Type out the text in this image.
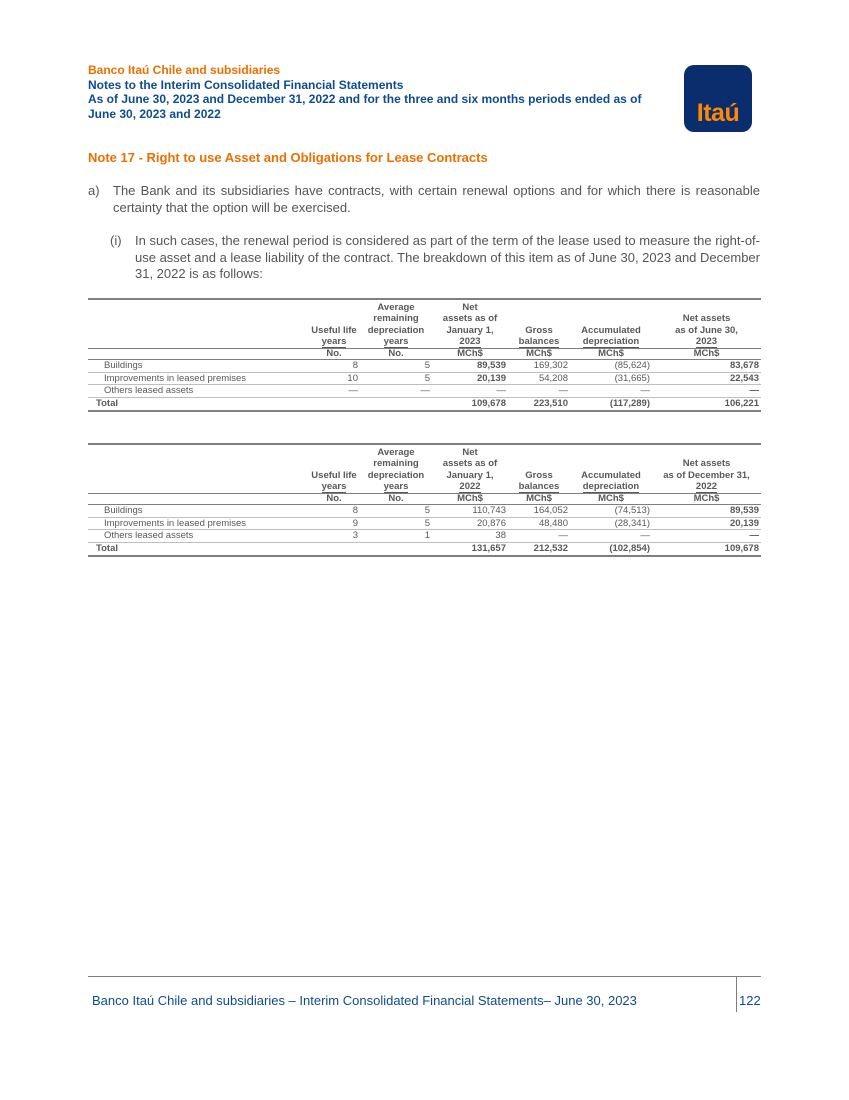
Banco Itaú Chile and subsidiaries
Notes to the Interim Consolidated Financial Statements
As of June 30, 2023 and December 31, 2022 and for the three and six months periods ended as of
June 30, 2023 and 2022	Itaú
Note 17 - Right to use Asset and Obligations for Lease Contracts
a) The Bank and its subsidiaries have contracts, with certain renewal options and for which there is reasonable certainty that the option will be exercised.
(i) In such cases, the renewal period is considered as part of the term of the lease used to measure the right-of-use asset and a lease liability of the contract. The breakdown of this item as of June 30, 2023 and December 31, 2022 is as follows:
	Useful life
years	Average
remaining
depreciation
years	Net
assets as of
January 1,
2023	Gross
balances	Accumulated
depreciation	Net assets
as of June 30,
2023
	No.	No.	MCh$	MCh$	MCh$	MCh$
Buildings	8	5	89,539	169,302	(85,624)	83,678
Improvements in leased premises	10	5	20,139	54,208	(31,665)	22,543
Others leased assets	—	—	—	—	—	—
Total			109,678	223,510	(117,289)	106,221
	Useful life
years	Average
remaining
depreciation
years	Net
assets as of
January 1,
2022	Gross
balances	Accumulated
depreciation	Net assets
as of December 31,
2022
	No.	No.	MCh$	MCh$	MCh$	MCh$
Buildings	8	5	110,743	164,052	(74,513)	89,539
Improvements in leased premises	9	5	20,876	48,480	(28,341)	20,139
Others leased assets	3	1	38	—	—	—
Total			131,657	212,532	(102,854)	109,678
Banco Itaú Chile and subsidiaries – Interim Consolidated Financial Statements– June 30, 2023	122
